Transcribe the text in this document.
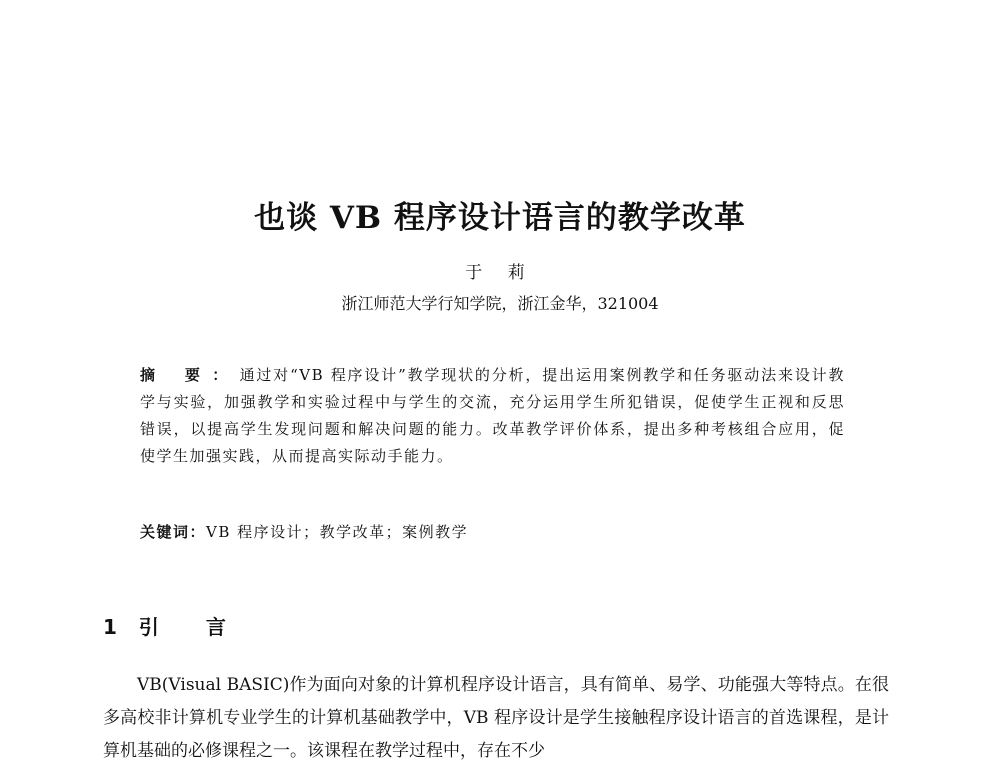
也谈 VB 程序设计语言的教学改革
于 莉
浙江师范大学行知学院，浙江金华，321004
摘 要：通过对“VB 程序设计”教学现状的分析，提出运用案例教学和任务驱动法来设计教学与实验，加强教学和实验过程中与学生的交流，充分运用学生所犯错误，促使学生正视和反思错误，以提高学生发现问题和解决问题的能力。改革教学评价体系，提出多种考核组合应用，促使学生加强实践，从而提高实际动手能力。
关键词：VB 程序设计；教学改革；案例教学
1 引 言
VB(Visual BASIC)作为面向对象的计算机程序设计语言，具有简单、易学、功能强大等特点。在很多高校非计算机专业学生的计算机基础教学中，VB 程序设计是学生接触程序设计语言的首选课程，是计算机基础的必修课程之一。该课程在教学过程中，存在不少
